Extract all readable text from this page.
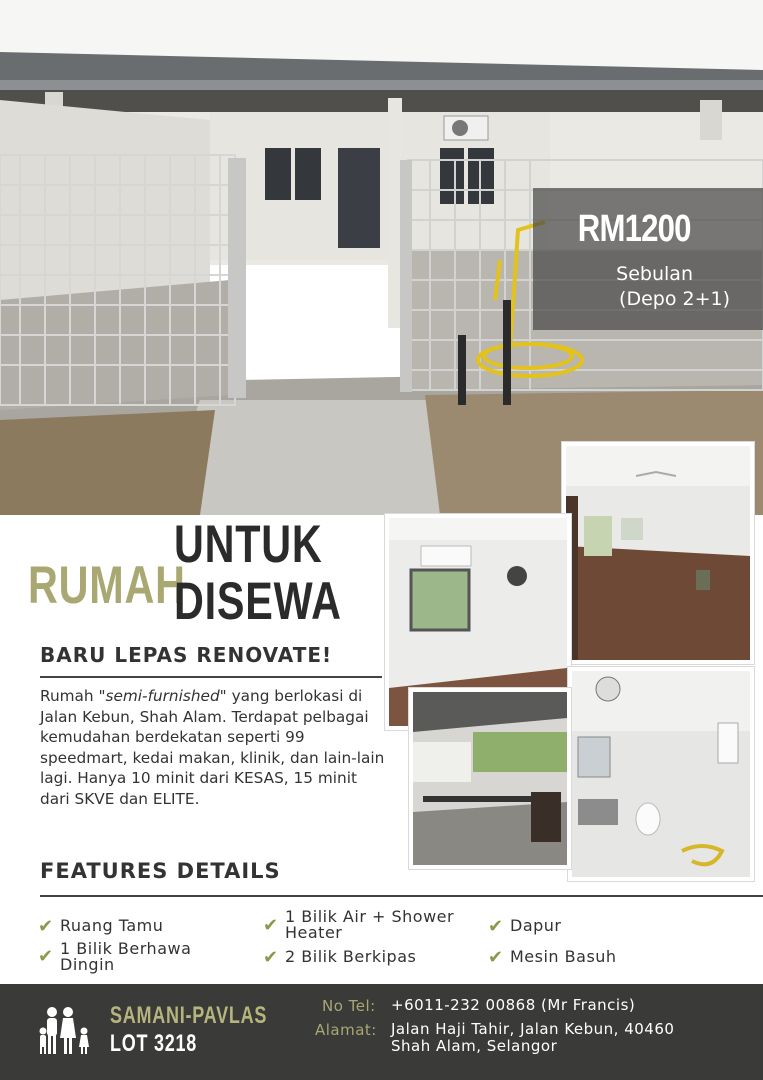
RM1200
Sebulan
(Depo 2+1)
RUMAH
UNTUK
DISEWA
BARU LEPAS RENOVATE!
Rumah "semi-furnished" yang berlokasi di Jalan Kebun, Shah Alam. Terdapat pelbagai kemudahan berdekatan seperti 99 speedmart, kedai makan, klinik, dan lain-lain lagi. Hanya 10 minit dari KESAS, 15 minit dari SKVE dan ELITE.
FEATURES DETAILS
✔ Ruang Tamu
✔ 1 Bilik Berhawa Dingin
✔ 1 Bilik Air + Shower Heater
✔ 2 Bilik Berkipas
✔ Dapur
✔ Mesin Basuh
SAMANI-PAVLAS
LOT 3218
No Tel: +6011-232 00868 (Mr Francis)
Alamat: Jalan Haji Tahir, Jalan Kebun, 40460
Shah Alam, Selangor
